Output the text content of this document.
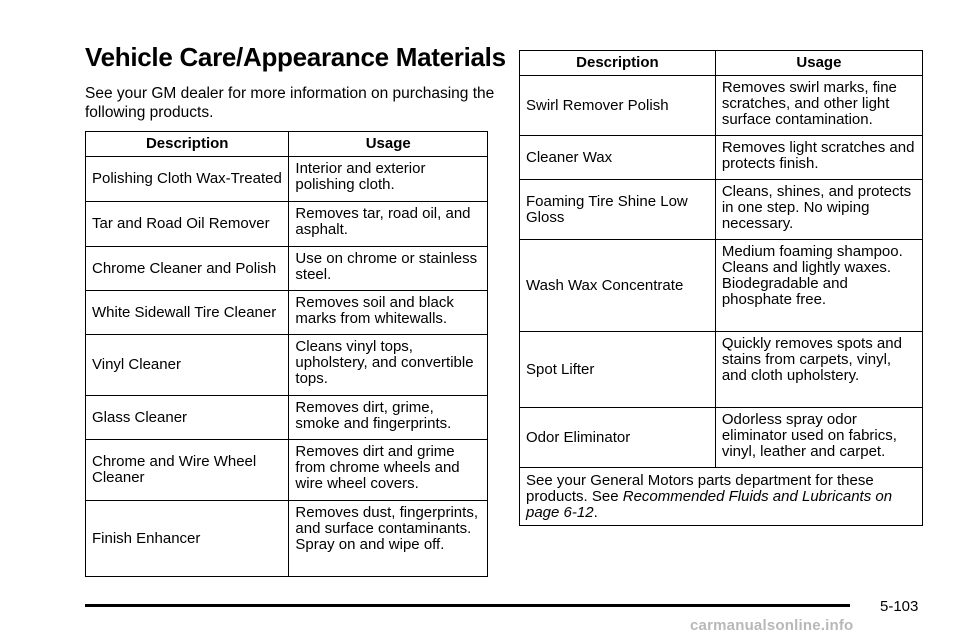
Vehicle Care/Appearance Materials

See your GM dealer for more information on purchasing the following products.

Description	Usage
Polishing Cloth Wax-Treated	Interior and exterior polishing cloth.
Tar and Road Oil Remover	Removes tar, road oil, and asphalt.
Chrome Cleaner and Polish	Use on chrome or stainless steel.
White Sidewall Tire Cleaner	Removes soil and black marks from whitewalls.
Vinyl Cleaner	Cleans vinyl tops, upholstery, and convertible tops.
Glass Cleaner	Removes dirt, grime, smoke and fingerprints.
Chrome and Wire Wheel Cleaner	Removes dirt and grime from chrome wheels and wire wheel covers.
Finish Enhancer	Removes dust, fingerprints, and surface contaminants. Spray on and wipe off.
Description	Usage
Swirl Remover Polish	Removes swirl marks, fine scratches, and other light surface contamination.
Cleaner Wax	Removes light scratches and protects finish.
Foaming Tire Shine Low Gloss	Cleans, shines, and protects in one step. No wiping necessary.
Wash Wax Concentrate	Medium foaming shampoo. Cleans and lightly waxes. Biodegradable and phosphate free.
Spot Lifter	Quickly removes spots and stains from carpets, vinyl, and cloth upholstery.
Odor Eliminator	Odorless spray odor eliminator used on fabrics, vinyl, leather and carpet.
See your General Motors parts department for these products. See Recommended Fluids and Lubricants on page 6-12.	
5-103
carmanualsonline.info
